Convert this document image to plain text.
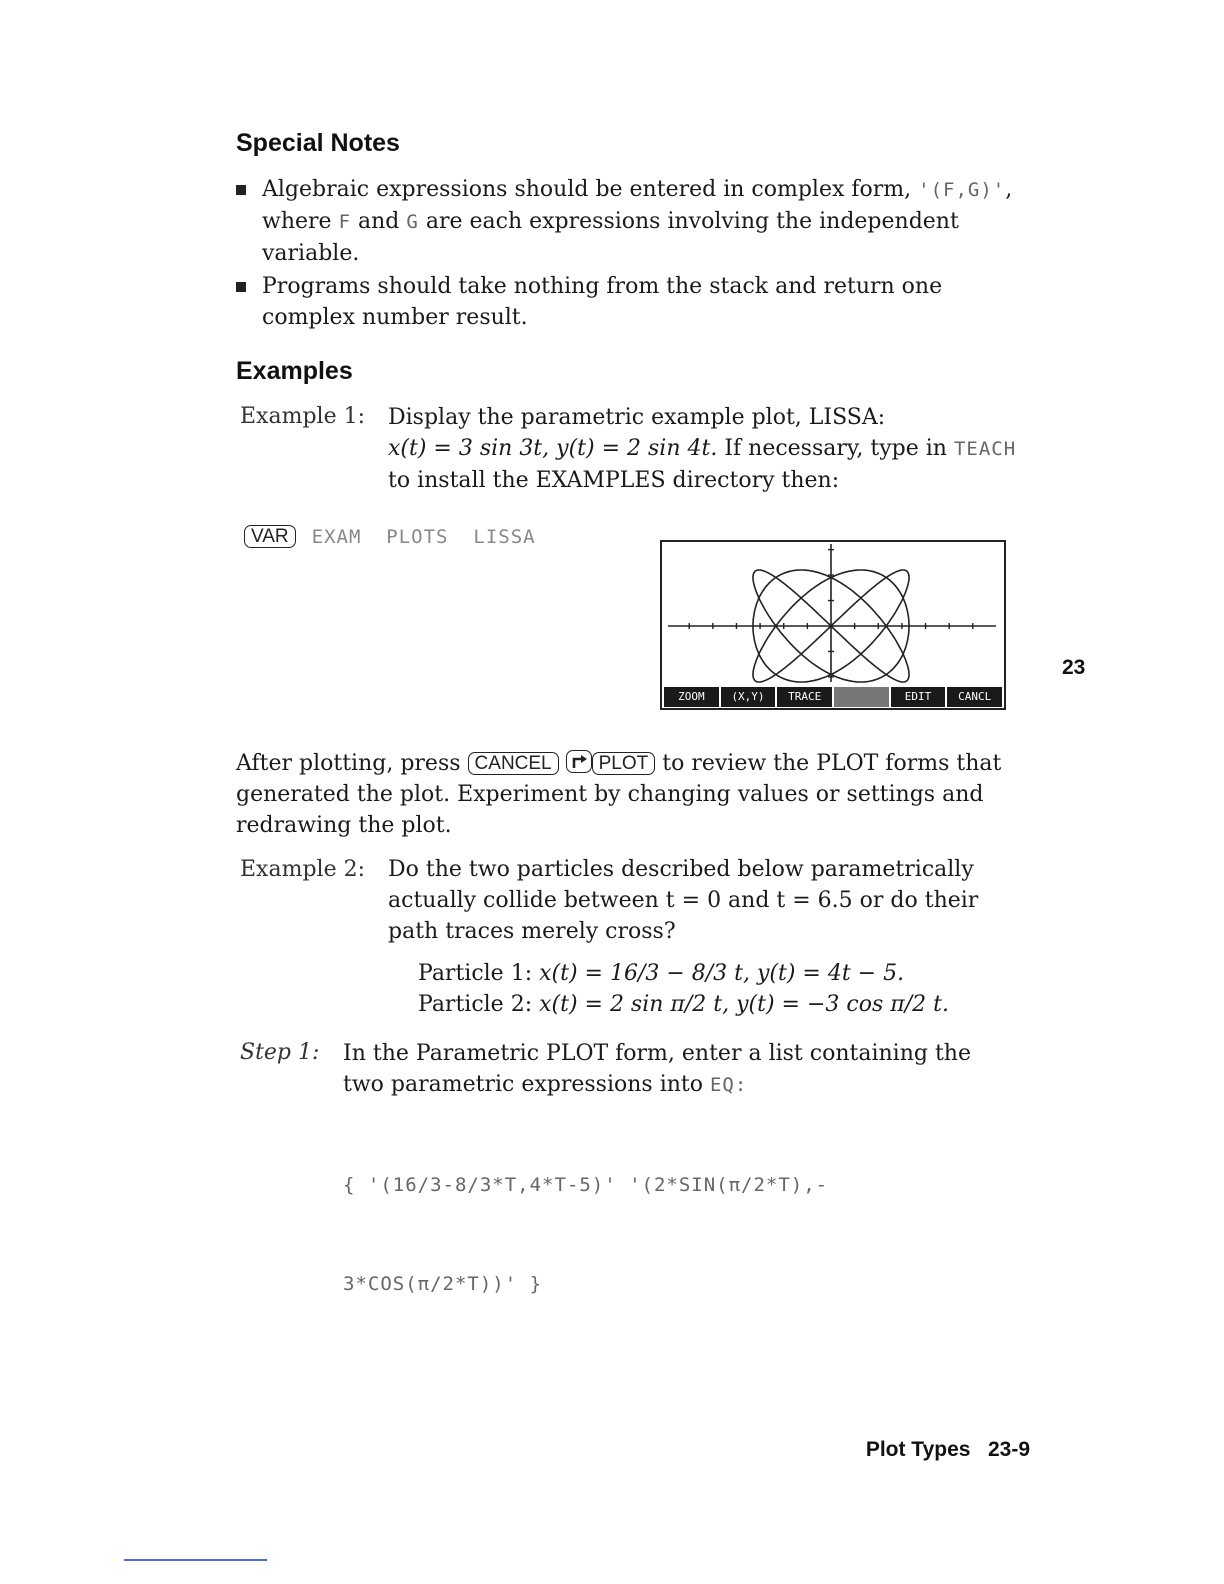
Special Notes
Algebraic expressions should be entered in complex form, '(F,G)',
where F and G are each expressions involving the independent variable.
Programs should take nothing from the stack and return one complex number result.
Examples
Example 1: Display the parametric example plot, LISSA:
x(t) = 3 sin 3t, y(t) = 2 sin 4t. If necessary, type in TEACH
to install the EXAMPLES directory then:
VAR EXAM  PLOTS  LISSA
ZOOM	(X,Y)	TRACE	EDIT	CANCL
23
After plotting, press CANCEL PLOT to review the PLOT forms that generated the plot. Experiment by changing values or settings and redrawing the plot.
Example 2: Do the two particles described below parametrically actually collide between t = 0 and t = 6.5 or do their path traces merely cross?
Particle 1: x(t) = 16/3 − 8/3 t, y(t) = 4t − 5.
Particle 2: x(t) = 2 sin π/2 t, y(t) = −3 cos π/2 t.
Step 1: In the Parametric PLOT form, enter a list containing the two parametric expressions into EQ:

{ '(16/3-8/3*T,4*T-5)' '(2*SIN(π/2*T),-

3*COS(π/2*T))' }

Plot Types 23-9
